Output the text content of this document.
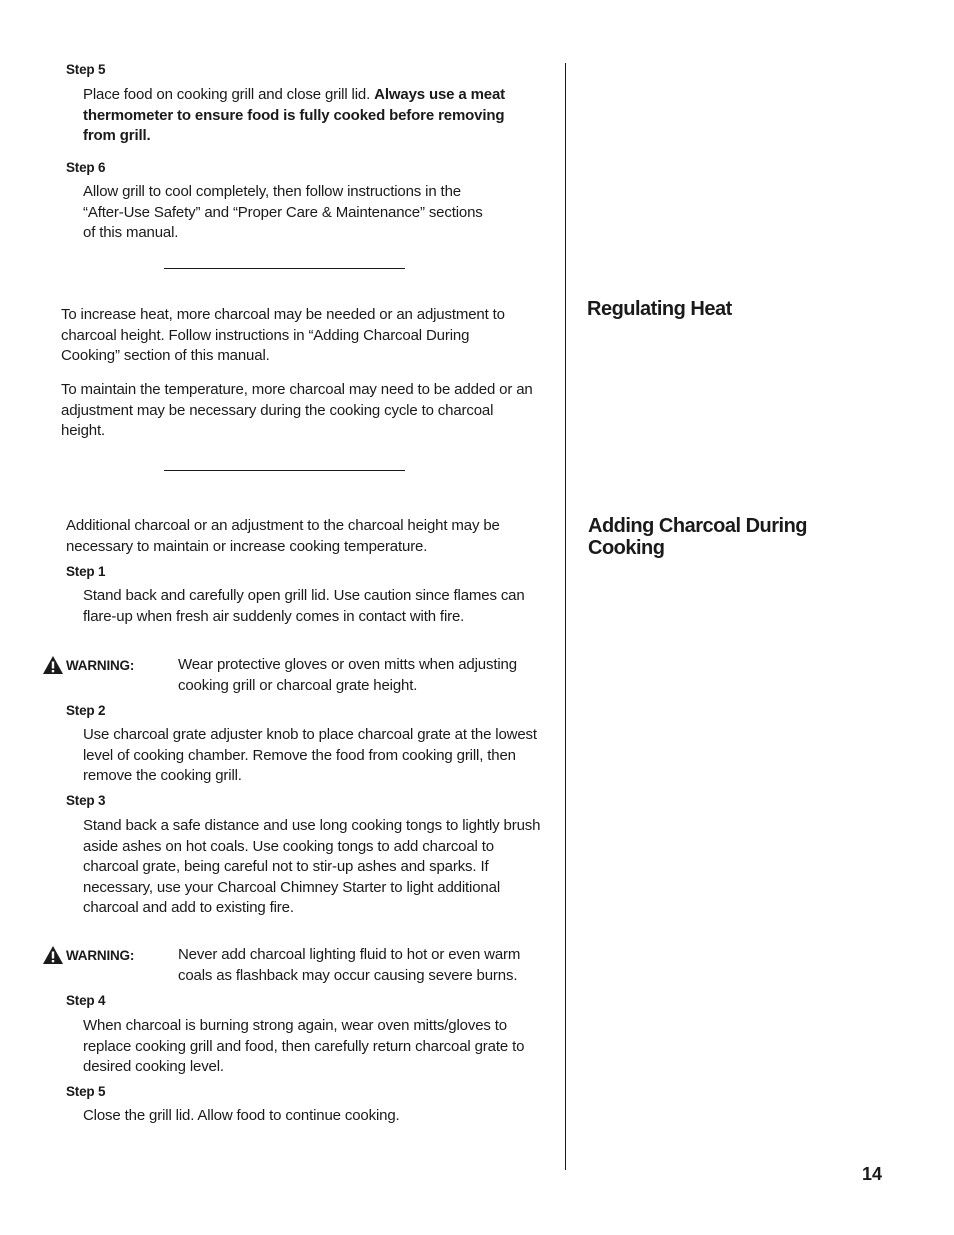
Step 5

Place food on cooking grill and close grill lid. Always use a meat thermometer to ensure food is fully cooked before removing from grill.

Step 6

Allow grill to cool completely, then follow instructions in the “After-Use Safety” and “Proper Care & Maintenance” sections of this manual.

Regulating Heat

To increase heat, more charcoal may be needed or an adjustment to charcoal height. Follow instructions in “Adding Charcoal During Cooking” section of this manual.

To maintain the temperature, more charcoal may need to be added or an adjustment may be necessary during the cooking cycle to charcoal height.

Adding Charcoal During Cooking

Additional charcoal or an adjustment to the charcoal height may be necessary to maintain or increase cooking temperature.

Step 1

Stand back and carefully open grill lid. Use caution since flames can flare-up when fresh air suddenly comes in contact with fire.

WARNING:	Wear protective gloves or oven mitts when adjusting cooking grill or charcoal grate height.

Step 2

Use charcoal grate adjuster knob to place charcoal grate at the lowest level of cooking chamber. Remove the food from cooking grill, then remove the cooking grill.

Step 3

Stand back a safe distance and use long cooking tongs to lightly brush aside ashes on hot coals. Use cooking tongs to add charcoal to charcoal grate, being careful not to stir-up ashes and sparks. If necessary, use your Charcoal Chimney Starter to light additional charcoal and add to existing fire.

WARNING:	Never add charcoal lighting fluid to hot or even warm coals as flashback may occur causing severe burns.

Step 4

When charcoal is burning strong again, wear oven mitts/gloves to replace cooking grill and food, then carefully return charcoal grate to desired cooking level.

Step 5

Close the grill lid. Allow food to continue cooking.

14
